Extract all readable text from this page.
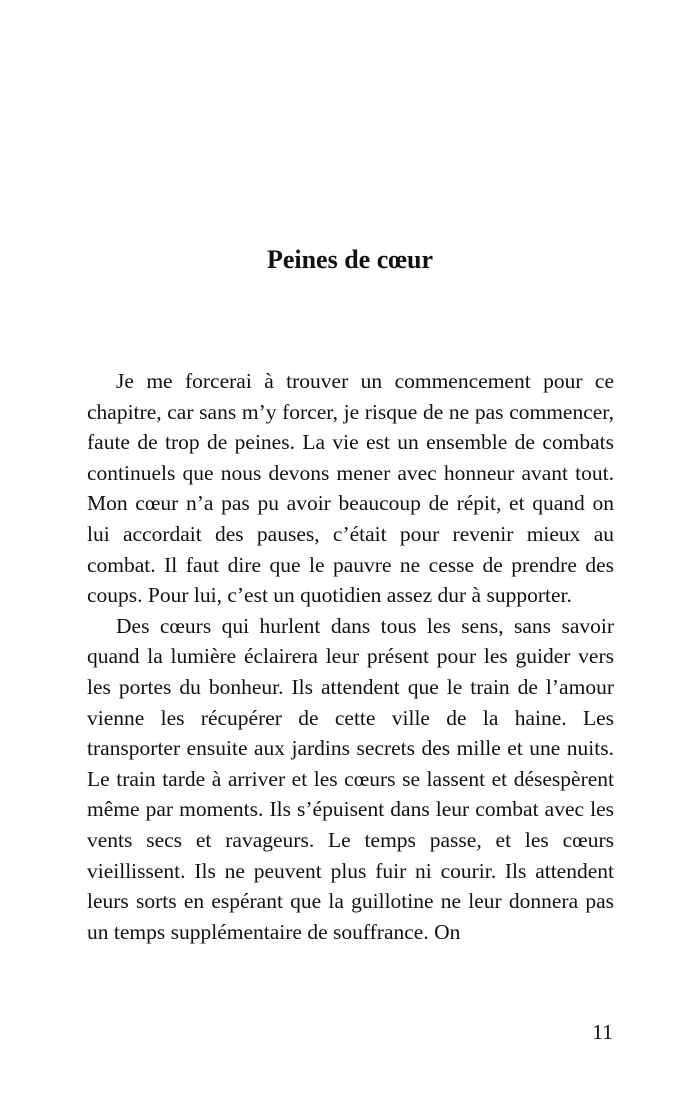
Peines de cœur

Je me forcerai à trouver un commencement pour ce chapitre, car sans m’y forcer, je risque de ne pas commencer, faute de trop de peines. La vie est un ensemble de combats continuels que nous devons mener avec honneur avant tout. Mon cœur n’a pas pu avoir beaucoup de répit, et quand on lui accordait des pauses, c’était pour revenir mieux au combat. Il faut dire que le pauvre ne cesse de prendre des coups. Pour lui, c’est un quotidien assez dur à supporter.

Des cœurs qui hurlent dans tous les sens, sans savoir quand la lumière éclairera leur présent pour les guider vers les portes du bonheur. Ils attendent que le train de l’amour vienne les récupérer de cette ville de la haine. Les transporter ensuite aux jardins secrets des mille et une nuits. Le train tarde à arriver et les cœurs se lassent et désespèrent même par moments. Ils s’épuisent dans leur combat avec les vents secs et ravageurs. Le temps passe, et les cœurs vieillissent. Ils ne peuvent plus fuir ni courir. Ils attendent leurs sorts en espérant que la guillotine ne leur donnera pas un temps supplémentaire de souffrance. On

11
